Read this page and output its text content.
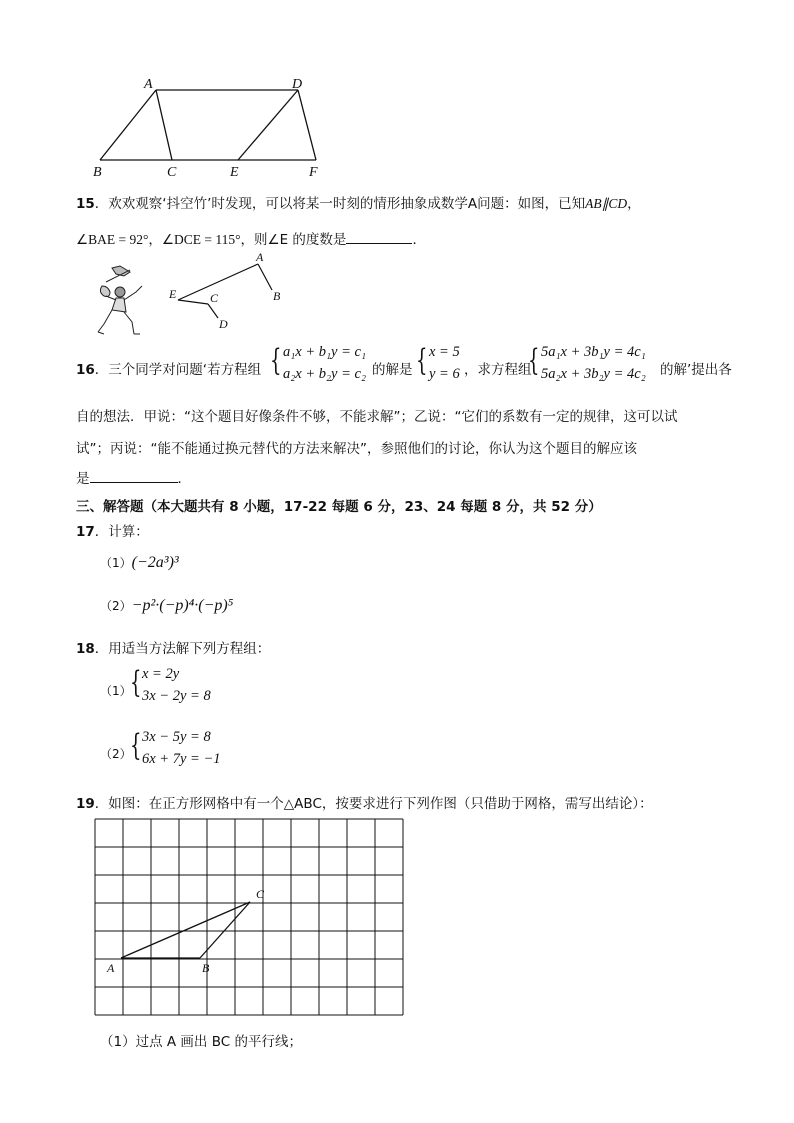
A	D
B	C	E	F
15．欢欢观察‘抖空竹’时发现，可以将某一时刻的情形抽象成数学A问题：如图，已知AB∥CD，
∠BAE = 92°，∠DCE = 115°，则∠E 的度数是	．
A
B
E	C
D
16．三个同学对问题‘若方程组 { a₁x + b₁y = c₁
a₂x + b₂y = c₂ 的解是 { x = 5
y = 6 ，求方程组
{ 5a₁x + 3b₁y = 4c₁
5a₂x + 3b₂y = 4c₂ 的解’提出各
自的想法．甲说：“这个题目好像条件不够，不能求解”；乙说：“它们的系数有一定的规律，这可以试
试”；丙说：“能不能通过换元替代的方法来解决”，参照他们的讨论，你认为这个题目的解应该
是	．
三、解答题（本大题共有 8 小题，17-22 每题 6 分，23、24 每题 8 分，共 52 分）
17．计算：
（1）(−2a³)³
（2）−p²·(−p)⁴·(−p)⁵
18．用适当方法解下列方程组：
（1）
{ x = 2y
3x − 2y = 8
（2）
{ 3x − 5y = 8
6x + 7y = −1
19．如图：在正方形网格中有一个△ABC，按要求进行下列作图（只借助于网格，需写出结论）：
A	B
C
（1）过点 A 画出 BC 的平行线；
